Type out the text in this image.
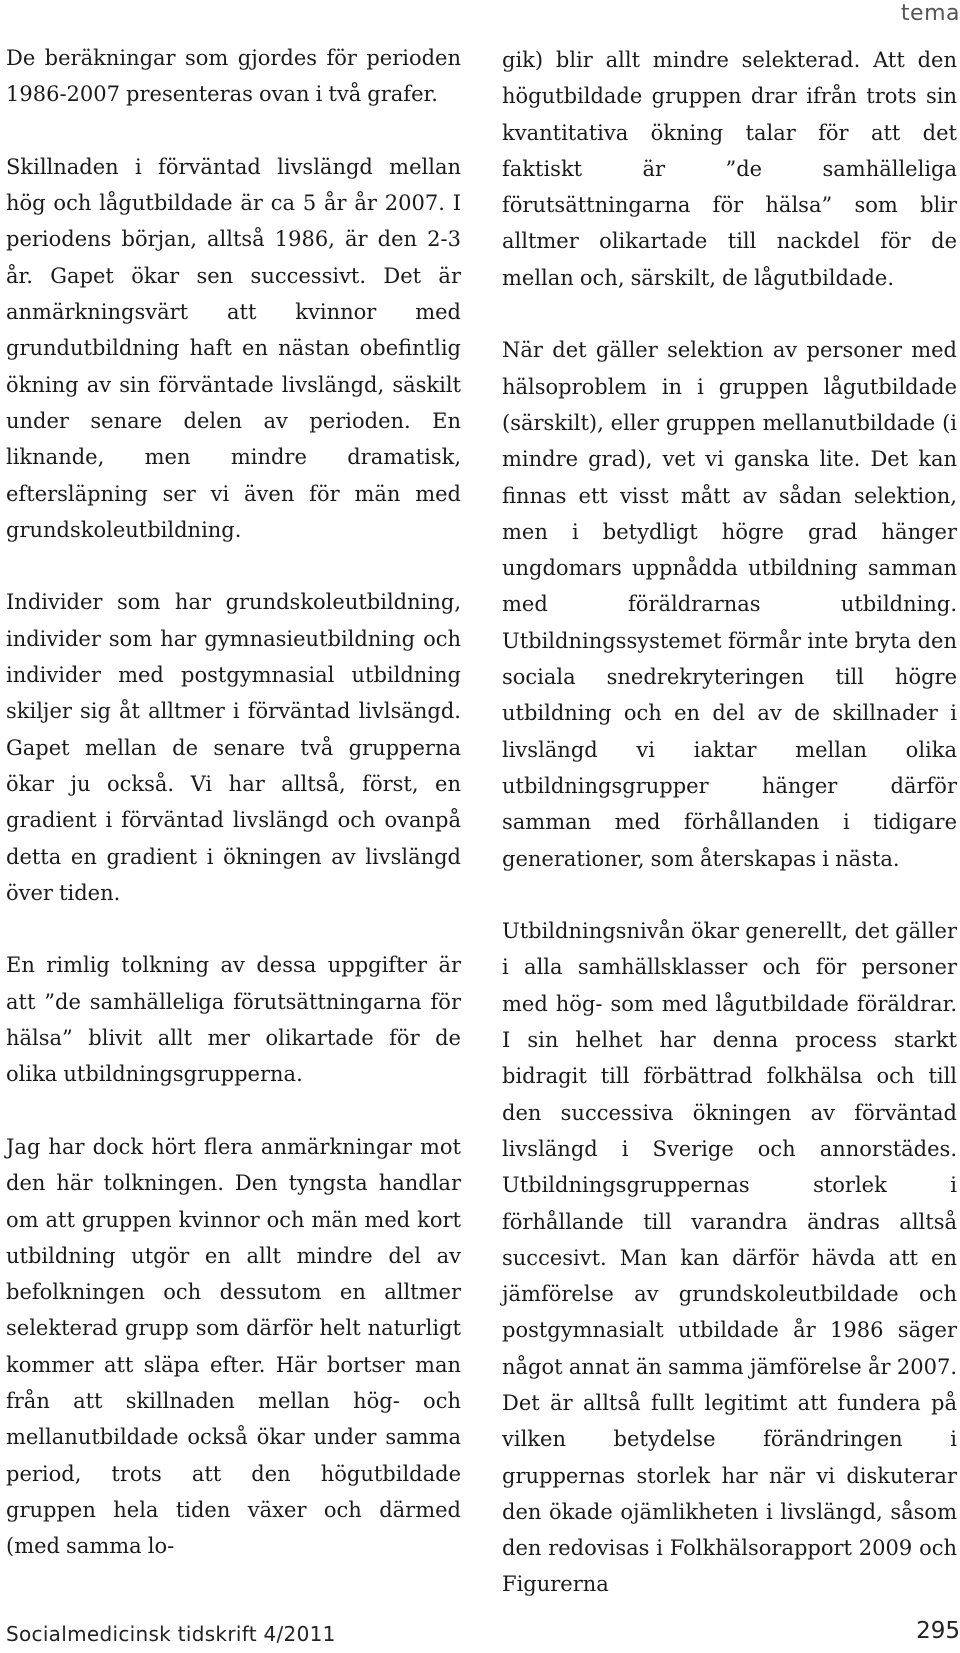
tema

De beräkningar som gjordes för perioden 1986-2007 presenteras ovan i två grafer.

Skillnaden i förväntad livslängd mellan hög och lågutbildade är ca 5 år år 2007. I periodens början, alltså 1986, är den 2-3 år. Gapet ökar sen successivt. Det är anmärkningsvärt att kvinnor med grundutbildning haft en nästan obefintlig ökning av sin förväntade livslängd, säskilt under senare delen av perioden. En liknande, men mindre dramatisk, eftersläpning ser vi även för män med grundskoleutbildning.

Individer som har grundskoleutbildning, individer som har gymnasieutbildning och individer med postgymnasial utbildning skiljer sig åt alltmer i förväntad livlsängd. Gapet mellan de senare två grupperna ökar ju också. Vi har alltså, först, en gradient i förväntad livslängd och ovanpå detta en gradient i ökningen av livslängd över tiden.

En rimlig tolkning av dessa uppgifter är att ”de samhälleliga förutsättningarna för hälsa” blivit allt mer olikartade för de olika utbildningsgrupperna.

Jag har dock hört flera anmärkningar mot den här tolkningen. Den tyngsta handlar om att gruppen kvinnor och män med kort utbildning utgör en allt mindre del av befolkningen och dessutom en alltmer selekterad grupp som därför helt naturligt kommer att släpa efter. Här bortser man från att skillnaden mellan hög- och mellanutbildade också ökar under samma period, trots att den högutbildade gruppen hela tiden växer och därmed (med samma lo-

gik) blir allt mindre selekterad. Att den högutbildade gruppen drar ifrån trots sin kvantitativa ökning talar för att det faktiskt är ”de samhälleliga förutsättningarna för hälsa” som blir alltmer olikartade till nackdel för de mellan och, särskilt, de lågutbildade.

När det gäller selektion av personer med hälsoproblem in i gruppen lågutbildade (särskilt), eller gruppen mellanutbildade (i mindre grad), vet vi ganska lite. Det kan finnas ett visst mått av sådan selektion, men i betydligt högre grad hänger ungdomars uppnådda utbildning samman med föräldrarnas utbildning. Utbildningssystemet förmår inte bryta den sociala snedrekryteringen till högre utbildning och en del av de skillnader i livslängd vi iaktar mellan olika utbildningsgrupper hänger därför samman med förhållanden i tidigare generationer, som återskapas i nästa.

Utbildningsnivån ökar generellt, det gäller i alla samhällsklasser och för personer med hög- som med lågutbildade föräldrar. I sin helhet har denna process starkt bidragit till förbättrad folkhälsa och till den successiva ökningen av förväntad livslängd i Sverige och annorstädes. Utbildningsgruppernas storlek i förhållande till varandra ändras alltså succesivt. Man kan därför hävda att en jämförelse av grundskoleutbildade och postgymnasialt utbildade år 1986 säger något annat än samma jämförelse år 2007. Det är alltså fullt legitimt att fundera på vilken betydelse förändringen i gruppernas storlek har när vi diskuterar den ökade ojämlikheten i livslängd, såsom den redovisas i Folkhälsorapport 2009 och Figurerna

Socialmedicinsk tidskrift 4/2011	295
